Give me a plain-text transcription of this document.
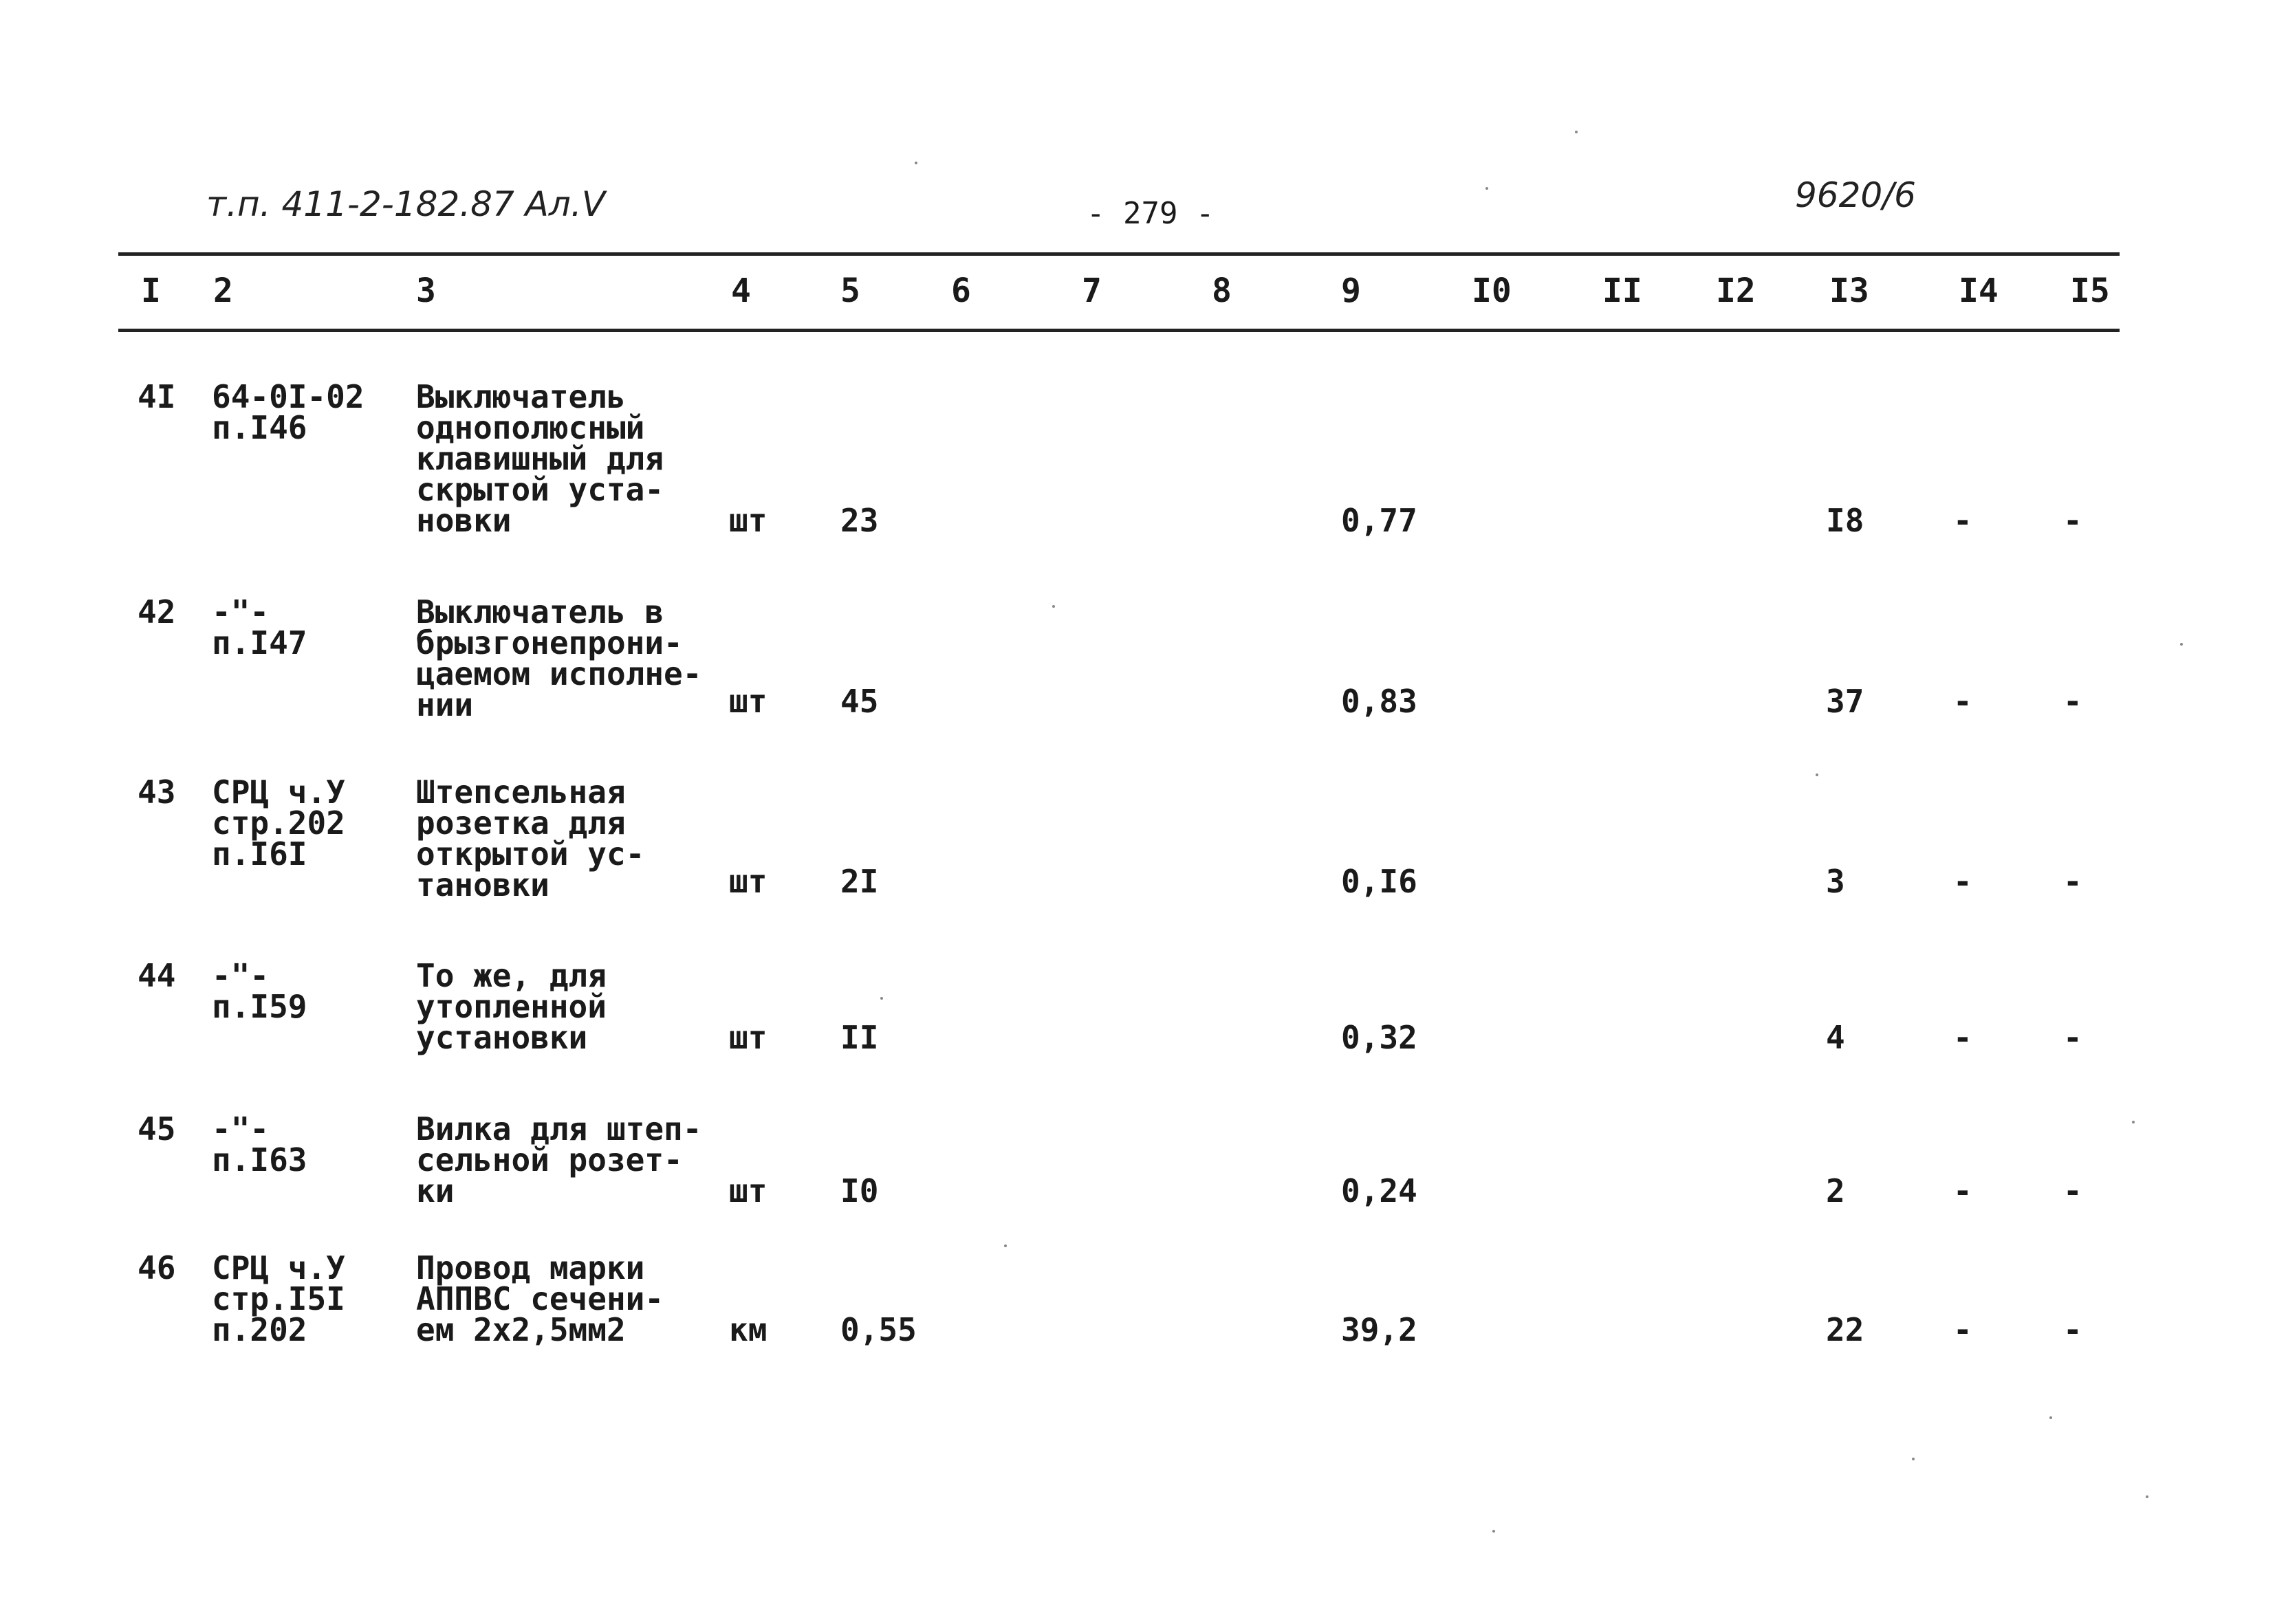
т.п. 411-2-182.87 Ал.V	- 279 -	9620/6
I 2	3	4	5	6	7	8	9	I0	II I2 I3	I4 I5
4I 64-0I-02
п.I46
Выключатель
однополюсный
клавишный для
скрытой уста-
новки	шт 23	0,77	I8	-	-
42 -"-
п.I47
Выключатель в
брызгонепрони-
цаемом исполне-
нии	шт 45	0,83	37	-	-
43 СРЦ ч.У
стр.202
п.I6I
Штепсельная
розетка для
открытой ус-
тановки	шт 2I	0,I6	3	-	-
44 -"-
п.I59
То же, для
утопленной
установки	шт II	0,32	4	-	-
45 -"-
п.I63
Вилка для штеп-
сельной розет-
ки	шт I0	0,24	2	-	-
46 СРЦ ч.У
стр.I5I
п.202
Провод марки
АППВС сечени-
ем 2х2,5мм2	км 0,55	39,2	22	-	-
